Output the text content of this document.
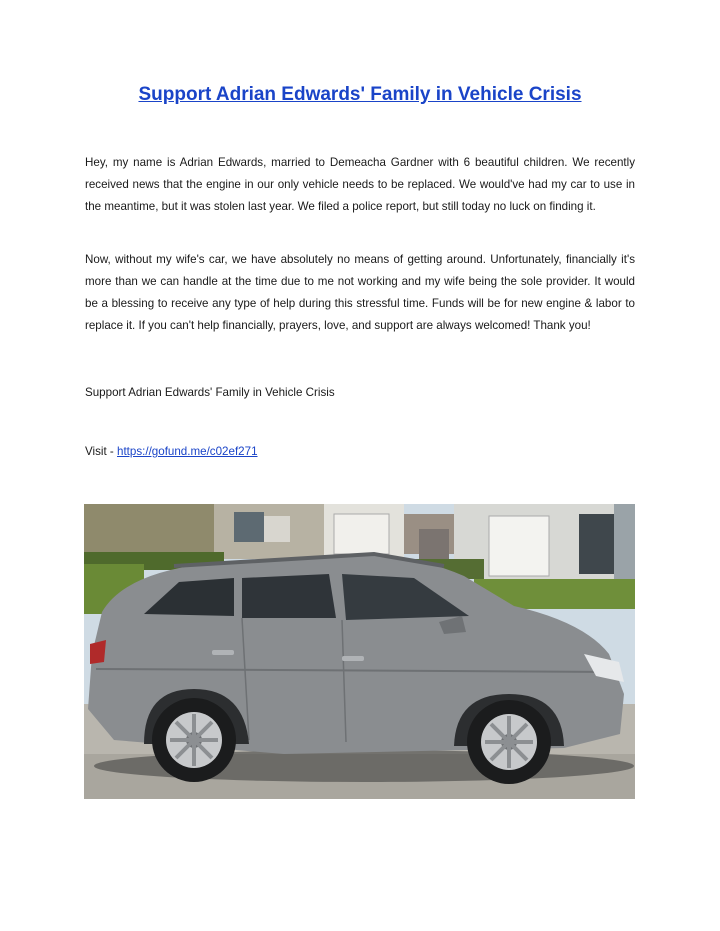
Support Adrian Edwards' Family in Vehicle Crisis

Hey, my name is Adrian Edwards, married to Demeacha Gardner with 6 beautiful children. We recently received news that the engine in our only vehicle needs to be replaced. We would've had my car to use in the meantime, but it was stolen last year. We filed a police report, but still today no luck on finding it.

Now, without my wife's car, we have absolutely no means of getting around. Unfortunately, financially it's more than we can handle at the time due to me not working and my wife being the sole provider. It would be a blessing to receive any type of help during this stressful time. Funds will be for new engine & labor to replace it. If you can't help financially, prayers, love, and support are always welcomed! Thank you!

Support Adrian Edwards' Family in Vehicle Crisis

Visit - https://gofund.me/c02ef271
